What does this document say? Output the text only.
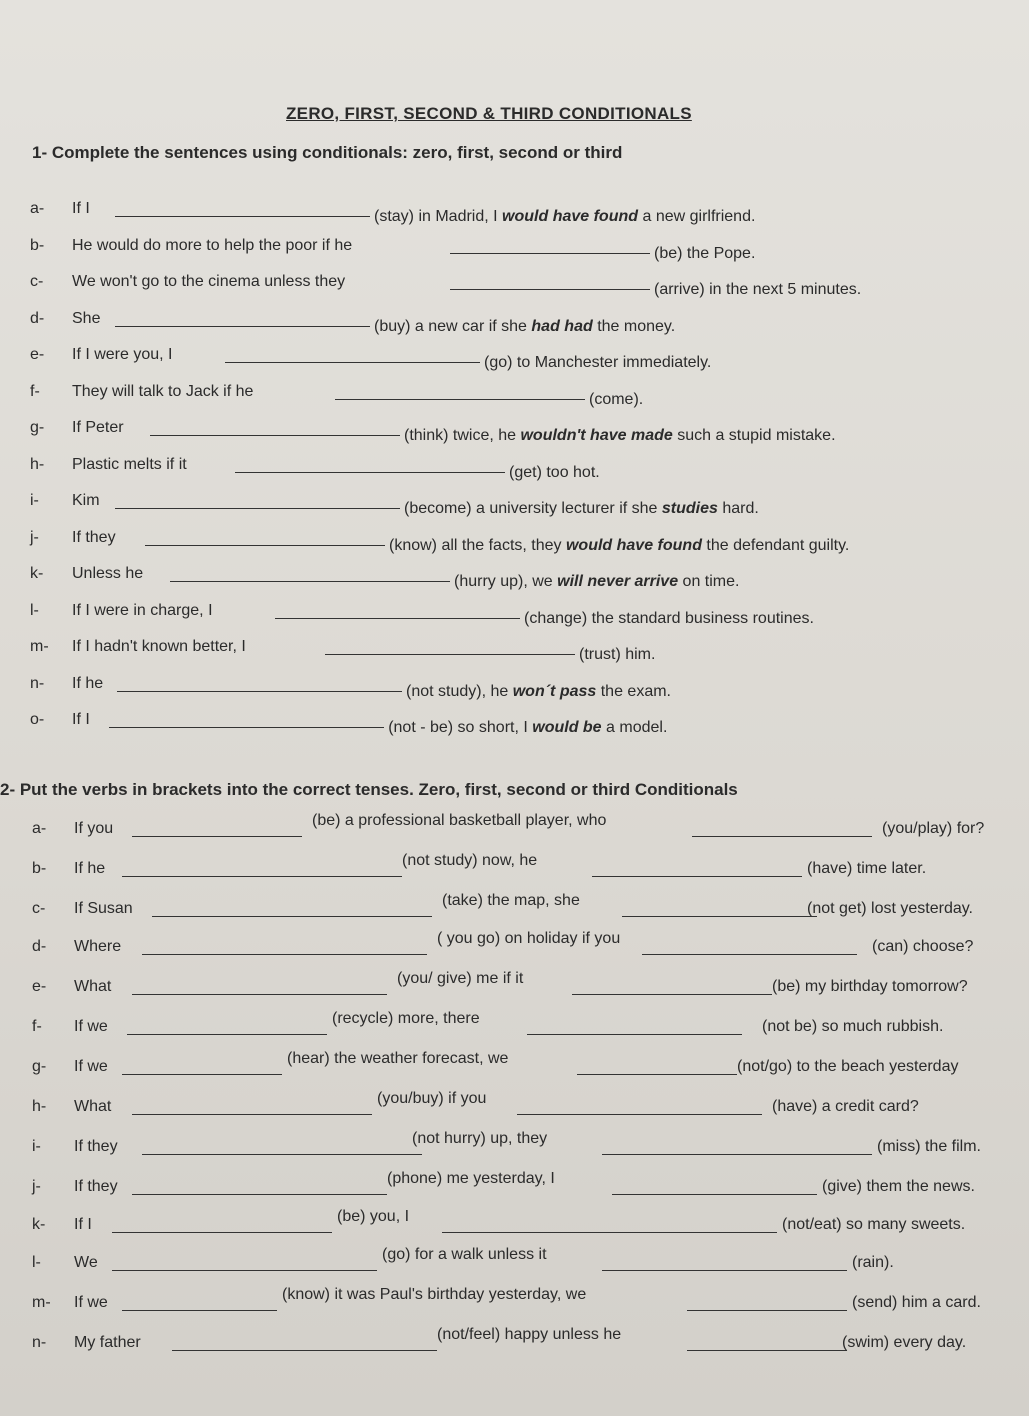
ZERO, FIRST, SECOND & THIRD CONDITIONALS
1- Complete the sentences using conditionals: zero, first, second or third
a- If I	(stay) in Madrid, I would have found a new girlfriend.
b- He would do more to help the poor if he	(be) the Pope.
c- We won't go to the cinema unless they	(arrive) in the next 5 minutes.
d- She	(buy) a new car if she had had the money.
e- If I were you, I	(go) to Manchester immediately.
f- They will talk to Jack if he	(come).
g- If Peter	(think) twice, he wouldn't have made such a stupid mistake.
h- Plastic melts if it	(get) too hot.
i- Kim	(become) a university lecturer if she studies hard.
j- If they	(know) all the facts, they would have found the defendant guilty.
k- Unless he	(hurry up), we will never arrive on time.
l- If I were in charge, I	(change) the standard business routines.
m- If I hadn't known better, I	(trust) him.
n- If he	(not study), he won´t pass the exam.
o- If I	(not - be) so short, I would be a model.
2- Put the verbs in brackets into the correct tenses. Zero, first, second or third Conditionals
a- If you	(be) a professional basketball player, who	(you/play) for?
b- If he	(not study) now, he	(have) time later.
c- If Susan	(take) the map, she	(not get) lost yesterday.
d- Where	( you go) on holiday if you	(can) choose?
e- What	(you/ give) me if it	(be) my birthday tomorrow?
f- If we	(recycle) more, there	(not be) so much rubbish.
g- If we	(hear) the weather forecast, we	(not/go) to the beach yesterday
h- What	(you/buy) if you	(have) a credit card?
i- If they	(not hurry) up, they	(miss) the film.
j- If they	(phone) me yesterday, I	(give) them the news.
k- If I	(be) you, I	(not/eat) so many sweets.
l- We	(go) for a walk unless it	(rain).
m- If we	(know) it was Paul's birthday yesterday, we	(send) him a card.
n- My father	(not/feel) happy unless he	(swim) every day.
